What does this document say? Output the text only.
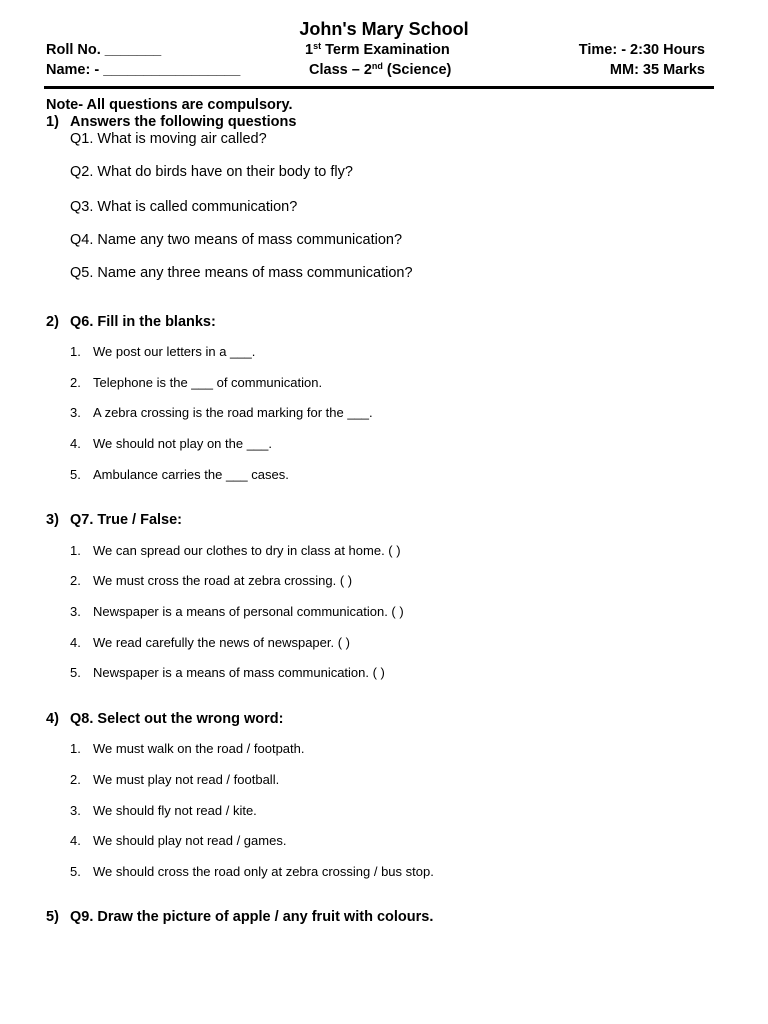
John's Mary School
Roll No. _______
Name: - _________________
1st Term Examination
Class – 2nd (Science)
Time: - 2:30 Hours
MM: 35 Marks
Note- All questions are compulsory.
1) Answers the following questions
Q1. What is moving air called?
Q2. What do birds have on their body to fly?
Q3. What is called communication?
Q4. Name any two means of mass communication?
Q5. Name any three means of mass communication?
2) Q6. Fill in the blanks:
1. We post our letters in a ___.
2. Telephone is the ___ of communication.
3. A zebra crossing is the road marking for the ___.
4. We should not play on the ___.
5. Ambulance carries the ___ cases.
3) Q7. True / False:
1. We can spread our clothes to dry in class at home. ( )
2. We must cross the road at zebra crossing. ( )
3. Newspaper is a means of personal communication. ( )
4. We read carefully the news of newspaper. ( )
5. Newspaper is a means of mass communication. ( )
4) Q8. Select out the wrong word:
1. We must walk on the road / footpath.
2. We must play not read / football.
3. We should fly not read / kite.
4. We should play not read / games.
5. We should cross the road only at zebra crossing / bus stop.
5) Q9. Draw the picture of apple / any fruit with colours.
